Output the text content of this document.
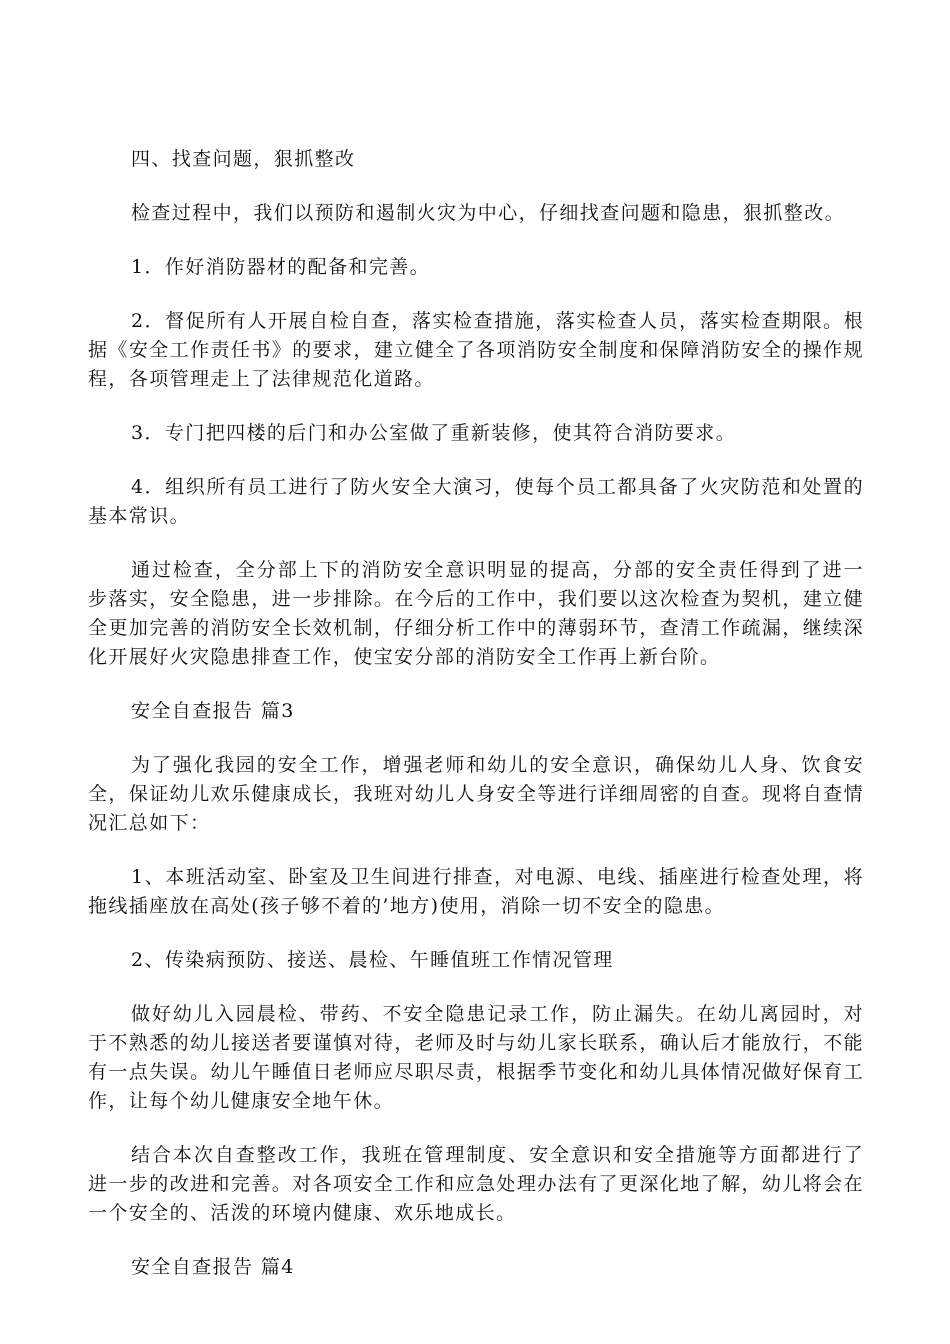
四、找查问题，狠抓整改

检查过程中，我们以预防和遏制火灾为中心，仔细找查问题和隐患，狠抓整改。

1．作好消防器材的配备和完善。

2．督促所有人开展自检自查，落实检查措施，落实检查人员，落实检查期限。根据《安全工作责任书》的要求，建立健全了各项消防安全制度和保障消防安全的操作规程，各项管理走上了法律规范化道路。

3．专门把四楼的后门和办公室做了重新装修，使其符合消防要求。

4．组织所有员工进行了防火安全大演习，使每个员工都具备了火灾防范和处置的基本常识。

通过检查，全分部上下的消防安全意识明显的提高，分部的安全责任得到了进一步落实，安全隐患，进一步排除。在今后的工作中，我们要以这次检查为契机，建立健全更加完善的消防安全长效机制，仔细分析工作中的薄弱环节，查清工作疏漏，继续深化开展好火灾隐患排查工作，使宝安分部的消防安全工作再上新台阶。

安全自查报告 篇3

为了强化我园的安全工作，增强老师和幼儿的安全意识，确保幼儿人身、饮食安全，保证幼儿欢乐健康成长，我班对幼儿人身安全等进行详细周密的自查。现将自查情况汇总如下：

1、本班活动室、卧室及卫生间进行排查，对电源、电线、插座进行检查处理，将拖线插座放在高处(孩子够不着的’地方)使用，消除一切不安全的隐患。

2、传染病预防、接送、晨检、午睡值班工作情况管理

做好幼儿入园晨检、带药、不安全隐患记录工作，防止漏失。在幼儿离园时，对于不熟悉的幼儿接送者要谨慎对待，老师及时与幼儿家长联系，确认后才能放行，不能有一点失误。幼儿午睡值日老师应尽职尽责，根据季节变化和幼儿具体情况做好保育工作，让每个幼儿健康安全地午休。

结合本次自查整改工作，我班在管理制度、安全意识和安全措施等方面都进行了进一步的改进和完善。对各项安全工作和应急处理办法有了更深化地了解，幼儿将会在一个安全的、活泼的环境内健康、欢乐地成长。

安全自查报告 篇4
